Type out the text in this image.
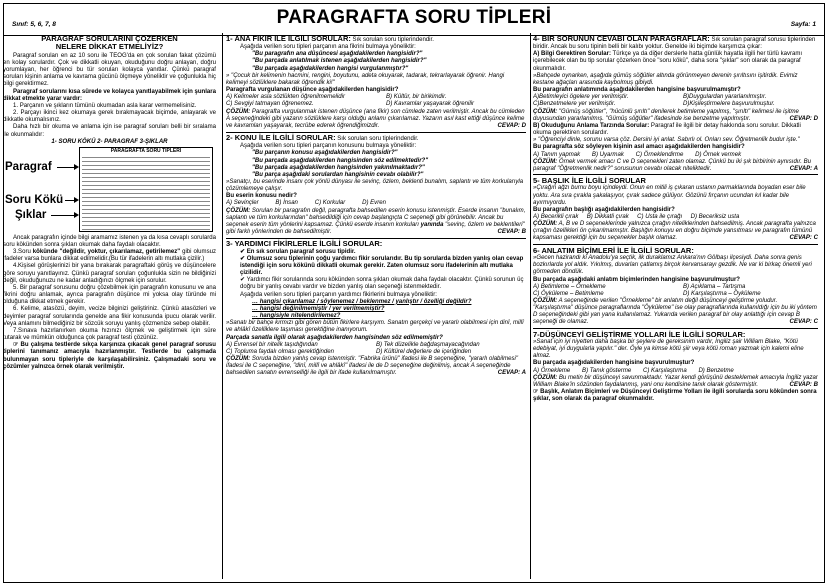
Sınıf: 5, 6, 7, 8	PARAGRAFTA SORU TİPLERİ	Sayfa: 1
PARAGRAF SORULARINI ÇÖZERKEN
NELERE DİKKAT ETMELİYİZ?

Paragraf soruları en az 10 soru ile TEOG'da en çok sorulan fakat çözümü en kolay sorulardır. Çok ve dikkatli okuyan, okuduğunu doğru anlayan, doğru yorumlayan, her öğrenci bu tür soruları kolayca yanıtlar. Çünkü paragraf soruları kişinin anlama ve kavrama gücünü ölçmeye yöneliktir ve çoğunlukla hiç bilgi gerektirmez.

Paragraf sorularını kısa sürede ve kolayca yanıtlayabilmek için şunlara dikkat etmekte yarar vardır:

1. Parçanın ve şıkların tümünü okumadan asla karar vermemelisiniz.

2. Parçayı ikinci kez okumaya gerek bırakmayacak biçimde, anlayarak ve dikkatle okumalısınız.

Daha hızlı bir okuma ve anlama için ise paragraf soruları belli bir sıralama ile okunmalıdır:

1- SORU KÖKÜ 2- PARAGRAF 3-ŞIKLAR

Paragraf
Soru Kökü
Şıklar
PARAGRAFTA SORU TİPLERİ

Ancak paragrafın içinde bilgi aramamız istenen ya da kısa cevaplı sorularda soru kökünden sonra şıkları okumak daha faydalı olacaktır.

3.Soru kökünde "değildir, yoktur, çıkarılamaz, getirilemez" gibi olumsuz ifadeler varsa bunlara dikkat edilmelidir.(Bu tür ifadelerin altı mutlaka çizilir.)

4.Kişisel görüşlerinizi bir yana bırakarak paragraftaki görüş ve düşüncelere göre soruyu yanıtlayınız. Çünkü paragraf soruları çoğunlukla sizin ne bildiğinizi değil, okuduğunuzu ne kadar anladığınızı ölçmek için sorulur.

5. Bir paragraf sorusunu doğru çözebilmek için paragrafın konusunu ve ana fikrini doğru anlamak, ayrıca paragrafın düşünce mi yoksa olay türünde mi olduğuna dikkat etmek gerekir.

6. Kelime, atasözü, deyim, vecize bilginizi geliştiriniz. Çünkü atasözleri ve deyimler paragraf sorularında genelde ana fikir konusunda ipucu olarak verilir. Veya anlamını bilmediğiniz bir sözcük soruyu yanlış çözmenize sebep olabilir.

7.Sınava hazırlanırken okuma hızınızı ölçmek ve geliştirmek için süre tutarak ve mümkün olduğunca çok paragraf testi çözünüz.

☞ Bu çalışma testlerde sıkça karşınıza çıkacak genel paragraf sorusu tiplerini tanımanız amacıyla hazırlanmıştır. Testlerde bu çalışmada bulunmayan soru tipleriyle de karşılaşabilirsiniz. Çalışmadaki soru ve çözümler yalnızca örnek olarak verilmiştir.

1- ANA FİKİR İLE İLGİLİ SORULAR: Sık sorulan soru tiplerindendir.
Aşağıda verilen soru tipleri parçanın ana fikrini bulmaya yöneliktir:
"Bu paragrafın ana düşüncesi aşağıdakilerden hangisidir?"
"Bu parçada anlatılmak istenen aşağıdakilerden hangisidir?"
"Bu parçada aşağıdakilerden hangisi vurgulanmıştır?"
» "Çocuk bir kelimenin hacmini, rengini, boyutunu, adeta okuyarak, tadarak, tekrarlayarak öğrenir. Hangi kelimeyi sözlüklere bakarak öğrendik ki!"
Paragrafta vurgulanan düşünce aşağıdakilerden hangisidir?
A) Kelimeler asla sözlükten öğrenilmemelidir	B) Kültür, bir birikimdir.
C) Sevgiyi tatmayan öğrenemez.	D) Kavramlar yaşayarak öğrenilir
ÇÖZÜM: Paragrafta vurgulanmak istenen düşünce (ana fikir) son cümlede zaten verilmiştir. Ancak bu cümleden A seçeneğindeki gibi yazarın sözlüklere karşı olduğu anlamı çıkarılamaz. Yazarın asıl kast ettiği düşünce kelime ve kavramları yaşayarak, tecrübe ederek öğrendiğimizdir.	CEVAP: D
2- KONU İLE İLGİLİ SORULAR: Sık sorulan soru tiplerindendir.
Aşağıda verilen soru tipleri parçanın konusunu bulmaya yöneliktir:
"Bu parçanın konusu aşağıdakilerden hangisidir?"
"Bu parçada aşağıdakilerden hangisinden söz edilmektedir?"
"Bu parçada aşağıdakilerden hangisinden yakınılmaktadır?"
"Bu parça aşağıdaki sorulardan hangisinin cevabı olabilir?"
»Sanatçı, bu eserinde insanı çok yönlü dünyası ile sevinç, özlem, beklenti bunalım, saplantı ve tüm korkularıyla çözümlemeye çalışır.
Bu eserin konusu nedir?
A) Sevinçler          B) İnsan          C) Korkular          D) Evren
ÇÖZÜM: Sorulan bir paragrafın değil, paragrafta bahsedilen eserin konusu istenmiştir. Eserde insanın "bunalım, saplantı ve tüm korkularından" bahsedildiği için cevap başlangıçta C seçeneği gibi görünebilir. Ancak bu seçenek eserin tüm yönlerini kapsamaz. Çünkü eserde insanın korkuları yanında "sevinç, özlem ve beklentileri" gibi farklı yönlerinden de bahsedilmiştir.	CEVAP: B
3- YARDIMCI FİKİRLERLE İLGİLİ SORULAR:
✔ En sık sorulan paragraf sorusu tipidir.
✔ Olumsuz soru tiplerinin çoğu yardımcı fikir sorularıdır. Bu tip sorularda bizden yanlış olan cevap istendiği için soru kökünü dikkatli okumak gerekir. Zaten olumsuz soru ifadelerinin altı mutlaka çizilidir.
✔ Yardımcı fikir sorularında soru kökünden sonra şıkları okumak daha faydalı olacaktır. Çünkü sorunun üç doğru bir yanlış cevabı vardır ve bizden yanlış olan seçeneği istenmektedir.
Aşağıda verilen soru tipleri parçanın yardımcı fikirlerini bulmaya yöneliktir:
… hangisi çıkarılamaz / söylenemez / beklenmez / yanlıştır / özelliği değildir?
… hangisi değinilmemiştir / yer verilmemiştir?
… hangisiyle nitelendirilemez?
»Sanatı bir bahçe kırmızı gibi gören bütün fikirlere karşıyım. Sanatın gerçekçi ve yararlı olabilmesi için dinî, millî ve ahlâkî özelliklere taşıması gerektiğine inanıyorum.
Parçada sanatla ilgili olarak aşağıdakilerden hangisinden söz edilmemiştir?
A) Evrensel bir nitelik taşıdığından	B) Tek düzelikle bağdaşmayacağından
C) Topluma faydalı olması gerektiğinden	D) Kültürel değerlere de içeriğinden
ÇÖZÜM: Soruda bizden yanlış cevap istenmiştir. "Fabrika ürünü" ifadesi ile B seçeneğine, "yararlı olabilmesi" ifadesi ile C seçeneğine, "dinî, millî ve ahlâkî" ifadesi ile de D seçeneğine değinilmiş, ancak A seçeneğinde bahsedilen sanatın evrenselliği ile ilgili bir ifade kullanılmamıştır.	CEVAP: A
4- BİR SORUNUN CEVABI OLAN PARAGRAFLAR: Sık sorulan paragraf sorusu tiplerinden biridir. Ancak bu soru tipinin belli bir kalıbı yoktur. Genelde iki biçimde karşımıza çıkar:
A) Bilgi Gerektiren Sorular: Türkçe ya da diğer derslerle hatta günlük hayatla ilgili her türlü kavramı içerebilecek olan bu tip sorular çözerken önce "soru kökü", daha sora "şıklar" son olarak da paragraf okunmalıdır.
»Bahçede oynarken, aşağıda gümüş söğütler altında görünmeyen derenin şırıltısını işitirdik. Evimiz kestane ağaçları arasında kaybolmuş gibiydi.
Bu paragrafın anlatımında aşağıdakilerden hangisine başvurulmamıştır?
A)Betimleyici ögelere yer verilmiştir.	B)Duygulardan yararlanılmıştır.
C)Benzetmelere yer verilmiştir.	D)Kişileştirmelere başvurulmuştur.
ÇÖZÜM: "Gümüş söğütler", "hücünlü şırıltı" denilerek betimleme yapılmış, "şırıltı" kelimesi ile işitme duyusundan yararlanılmış. "Gümüş söğütler" ifadesinde ise benzetme yapılmıştır.	CEVAP: D
B) Okuduğunu Anlama Tarzında Sorular: Paragraf ile ilgili bir detay hakkında soru sorulur. Dikkatli okuma gerektiren sorulardır.
» "Öğrenciyi dinle, sorunu varsa çöz. Dersini iyi anlat. Sabırlı ol. Onları sev. Öğretmenlik budur işte."
Bu paragrafta söz söyleyen kişinin asıl amacı aşağıdakilerden hangisidir?
A) Tanım yapmak       B) Uyarmak       C) Örneklendirme       D) Örnek vermek
ÇÖZÜM: Örnek vermek amacı C ve D seçenekleri zaten olamaz. Çünkü bu iki şık birbirinin aynısıdır. Bu paragraf "Öğretmenlik nedir?" sorusunun cevabı olacak niteliktedir.	CEVAP: A
5- BAŞLIK İLE İLGİLİ SORULAR
»Çırağın ağzı burnu boyu içindeydi. Onun en mitili iş çıkaran ustanın parmaklarında boyadan eser bile yoktu. Ara sıra çırakla şakalaşıyor, çırak sadece gülüyor. Gözünü fırçanın ucundan kıl kadar bile ayırmıyordu.
Bu paragrafın başlığı aşağıdakilerden hangisidir?
A) Becerikli çırak     B) Dikkatli çırak     C) Usta ile çırağı     D) Beceriksiz usta
ÇÖZÜM: A, B ve D seçeneklerinde yalnızca çırağın niteliklerinden bahsedilmiş. Ancak paragrafta yalnızca çırağın özellikleri ön çıkarılmamıştır. Başlığın konuyu en doğru biçimde yansıtması ve paragrafın tümünü kapsaması gerektiği için bu seçenekler başlık olamaz.	CEVAP: C
6- ANLATIM BİÇİMLERİ İLE İLGİLİ SORULAR:
»Gecen hazirandı ki Anadolu'ya seçtik, ilk duraklamız Ankara'nın Gölbaşı ilçesiydi. Daha sonra genis bozkırlarda yol aldık. Yıkılmış, duvarları çatlamış birçok kervansarayı gezdik. Ne var ki birkaç önemli yeri görmeden döndük.
Bu parçada aşağıdaki anlatım biçimlerinden hangisine başvurulmuştur?
A) Betimleme – Örnekleme	B) Açıklama – Tartışma
C) Öyküleme – Betimleme	D) Karşılaştırma – Öyküleme
ÇÖZÜM: A seçeneğinde verilen "Örnekleme" bir anlatım değil düşünceyi geliştirme yoludur. "Karşılaştırma" düşünce paragraflarında "Öyküleme" ise olay paragraflarında kullanıldığı için bu iki yöntem D seçeneğindeki gibi yan yana kullanılamaz. Yukarıda verilen paragraf bir olay anlattığı için cevap B seçeneği de olamaz.	CEVAP: C
7-DÜŞÜNCEYİ GELİŞTİRME YOLLARI İLE İLGİLİ SORULAR:
»Sanat için iyi niyetten daha başka bir şeylere de gereksinim vardır, İngiliz şair William Blake, "Kötü edebiyat, iyi duygularla yapılır." der. Öyle ya kimse kötü şiir veya kötü roman yazmak için kalemi eline almaz.
Bu parçada aşağıdakilerden hangisine başvurulmuştur?
A) Örnekleme       B) Tanık gösterme       C) Karşılaştırma       D) Benzetme
ÇÖZÜM: Bu metin bir düşünceyi savunmaktadır. Yazar kendi görüşünü desteklemek amacıyla İngiliz yazar William Blake'in sözünden faydalanmış, yani onu kendisine tanık olarak göstermiştir.	CEVAP: B
☞ Başlık, Anlatım Biçimleri ve Düşünceyi Geliştirme Yolları ile ilgili sorularda soru kökünden sonra şıklar, son olarak da paragraf okunmalıdır.
